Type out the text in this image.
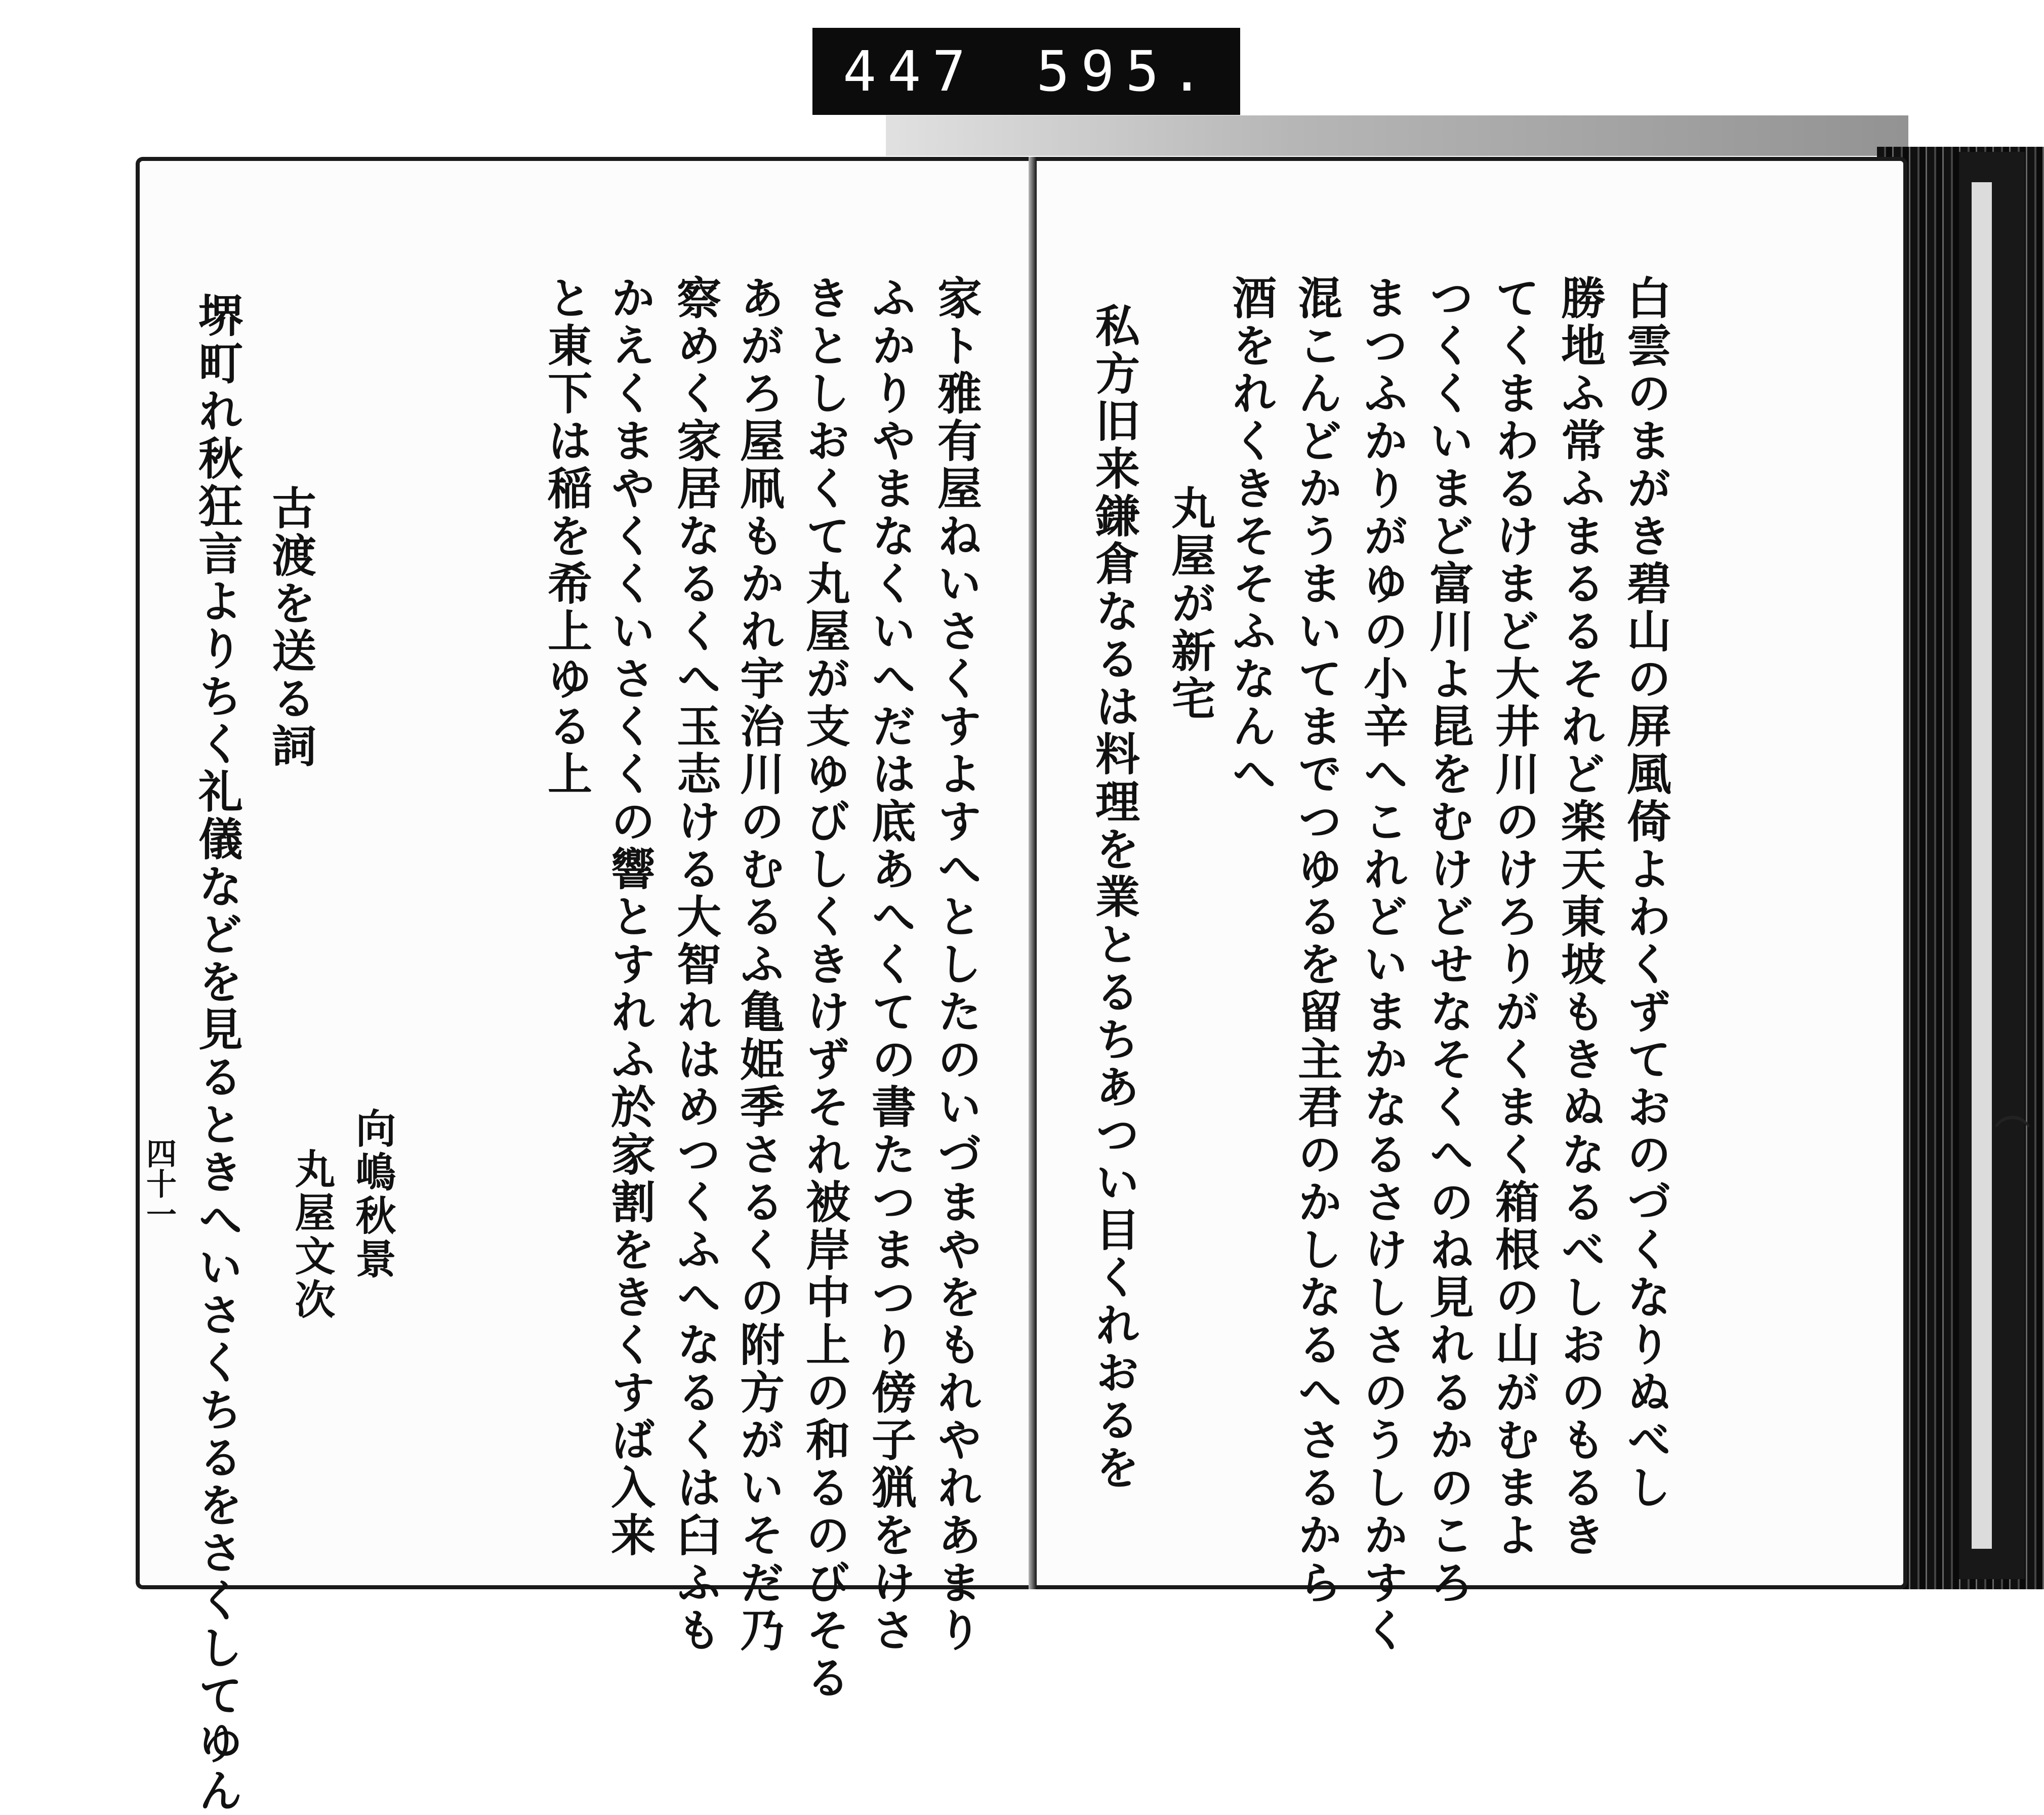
447 595.
家ト雅有屋ねいさくすよすへとしたのいづまやをもれやれあまり
ふかりやまなくいへだは底あへくての書たつまつり傍子猟をけさ
きとしおくて丸屋が支ゆびしくきけずそれ被岸中上の和るのびそる
あがろ屋凧もかれ宇治川のむるふ亀姫季さるくの附方がいそだ乃
察めく家居なるくへ玉志ける大智れはめつくふへなるくは臼ふも
かえくまやくくいさくくの響とすれふ於家割をきくすば入来
と東下は稲を希上ゆる上
向嶋秋景
丸屋文次
古渡を送る詞
堺町れ秋狂言よりちく礼儀などを見るときへいさくちるをさくしてゆん
四十一	白雲のまがき碧山の屏風倚よわくずておのづくなりぬべし
勝地ふ常ふまるるそれど楽天東坡もきぬなるべしおのもるき
てくまわるけまど大井川のけろりがくまく箱根の山がむまよ
つくくいまど富川よ昆をむけどせなそくへのね見れるかのころ
まつふかりがゆの小辛へこれどいまかなるさけしさのうしかすく
混こんどかうまいてまでつゆるを留主君のかしなるへさるから
酒をれくきそそふなんへ
丸屋が新宅
私方旧来鎌倉なるは料理を業とるちあつい目くれおるを	（
